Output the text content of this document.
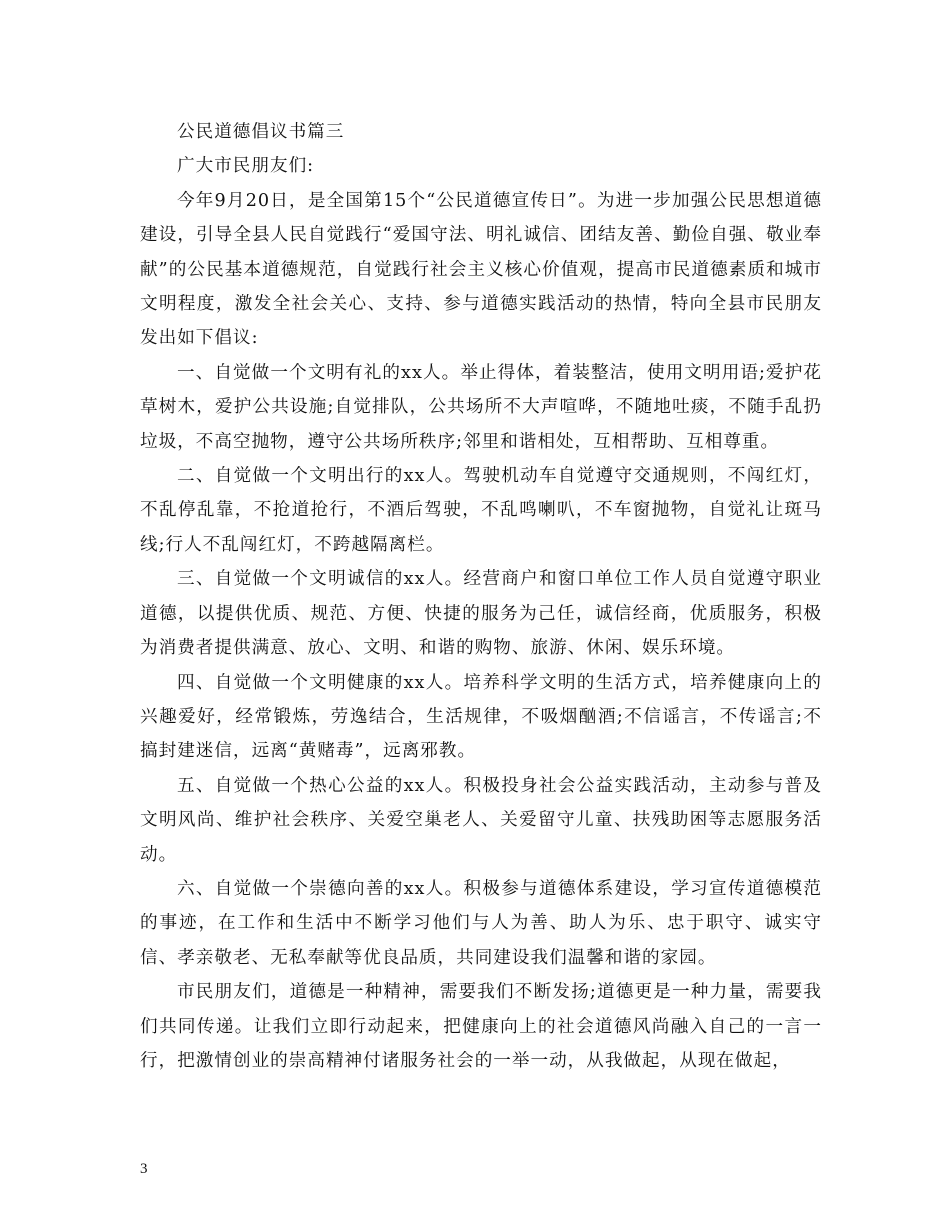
公民道德倡议书篇三

广大市民朋友们:

今年9月20日，是全国第15个“公民道德宣传日”。为进一步加强公民思想道德建设，引导全县人民自觉践行“爱国守法、明礼诚信、团结友善、勤俭自强、敬业奉献”的公民基本道德规范，自觉践行社会主义核心价值观，提高市民道德素质和城市文明程度，激发全社会关心、支持、参与道德实践活动的热情，特向全县市民朋友发出如下倡议:

一、自觉做一个文明有礼的xx人。举止得体，着装整洁，使用文明用语;爱护花草树木，爱护公共设施;自觉排队，公共场所不大声喧哗，不随地吐痰，不随手乱扔垃圾，不高空抛物，遵守公共场所秩序;邻里和谐相处，互相帮助、互相尊重。

二、自觉做一个文明出行的xx人。驾驶机动车自觉遵守交通规则，不闯红灯，不乱停乱靠，不抢道抢行，不酒后驾驶，不乱鸣喇叭，不车窗抛物，自觉礼让斑马线;行人不乱闯红灯，不跨越隔离栏。

三、自觉做一个文明诚信的xx人。经营商户和窗口单位工作人员自觉遵守职业道德，以提供优质、规范、方便、快捷的服务为己任，诚信经商，优质服务，积极为消费者提供满意、放心、文明、和谐的购物、旅游、休闲、娱乐环境。

四、自觉做一个文明健康的xx人。培养科学文明的生活方式，培养健康向上的兴趣爱好，经常锻炼，劳逸结合，生活规律，不吸烟酗酒;不信谣言，不传谣言;不搞封建迷信，远离“黄赌毒”，远离邪教。

五、自觉做一个热心公益的xx人。积极投身社会公益实践活动，主动参与普及文明风尚、维护社会秩序、关爱空巢老人、关爱留守儿童、扶残助困等志愿服务活动。

六、自觉做一个崇德向善的xx人。积极参与道德体系建设，学习宣传道德模范的事迹，在工作和生活中不断学习他们与人为善、助人为乐、忠于职守、诚实守信、孝亲敬老、无私奉献等优良品质，共同建设我们温馨和谐的家园。

市民朋友们，道德是一种精神，需要我们不断发扬;道德更是一种力量，需要我们共同传递。让我们立即行动起来，把健康向上的社会道德风尚融入自己的一言一行，把激情创业的崇高精神付诸服务社会的一举一动，从我做起，从现在做起，

3
